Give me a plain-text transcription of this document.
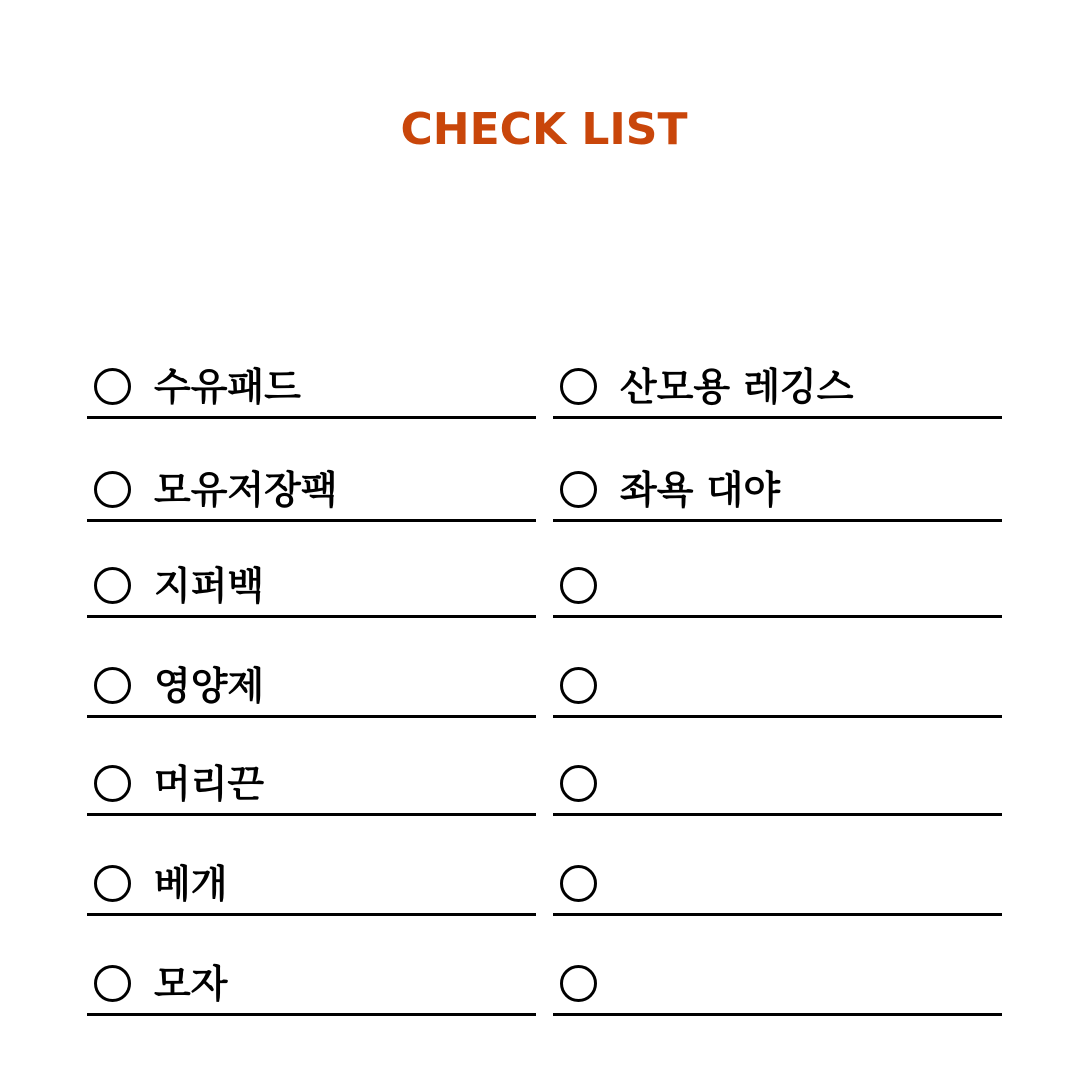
CHECK LIST
수유패드
모유저장팩
지퍼백
영양제
머리끈
베개
모자
산모용 레깅스
좌욕 대야
